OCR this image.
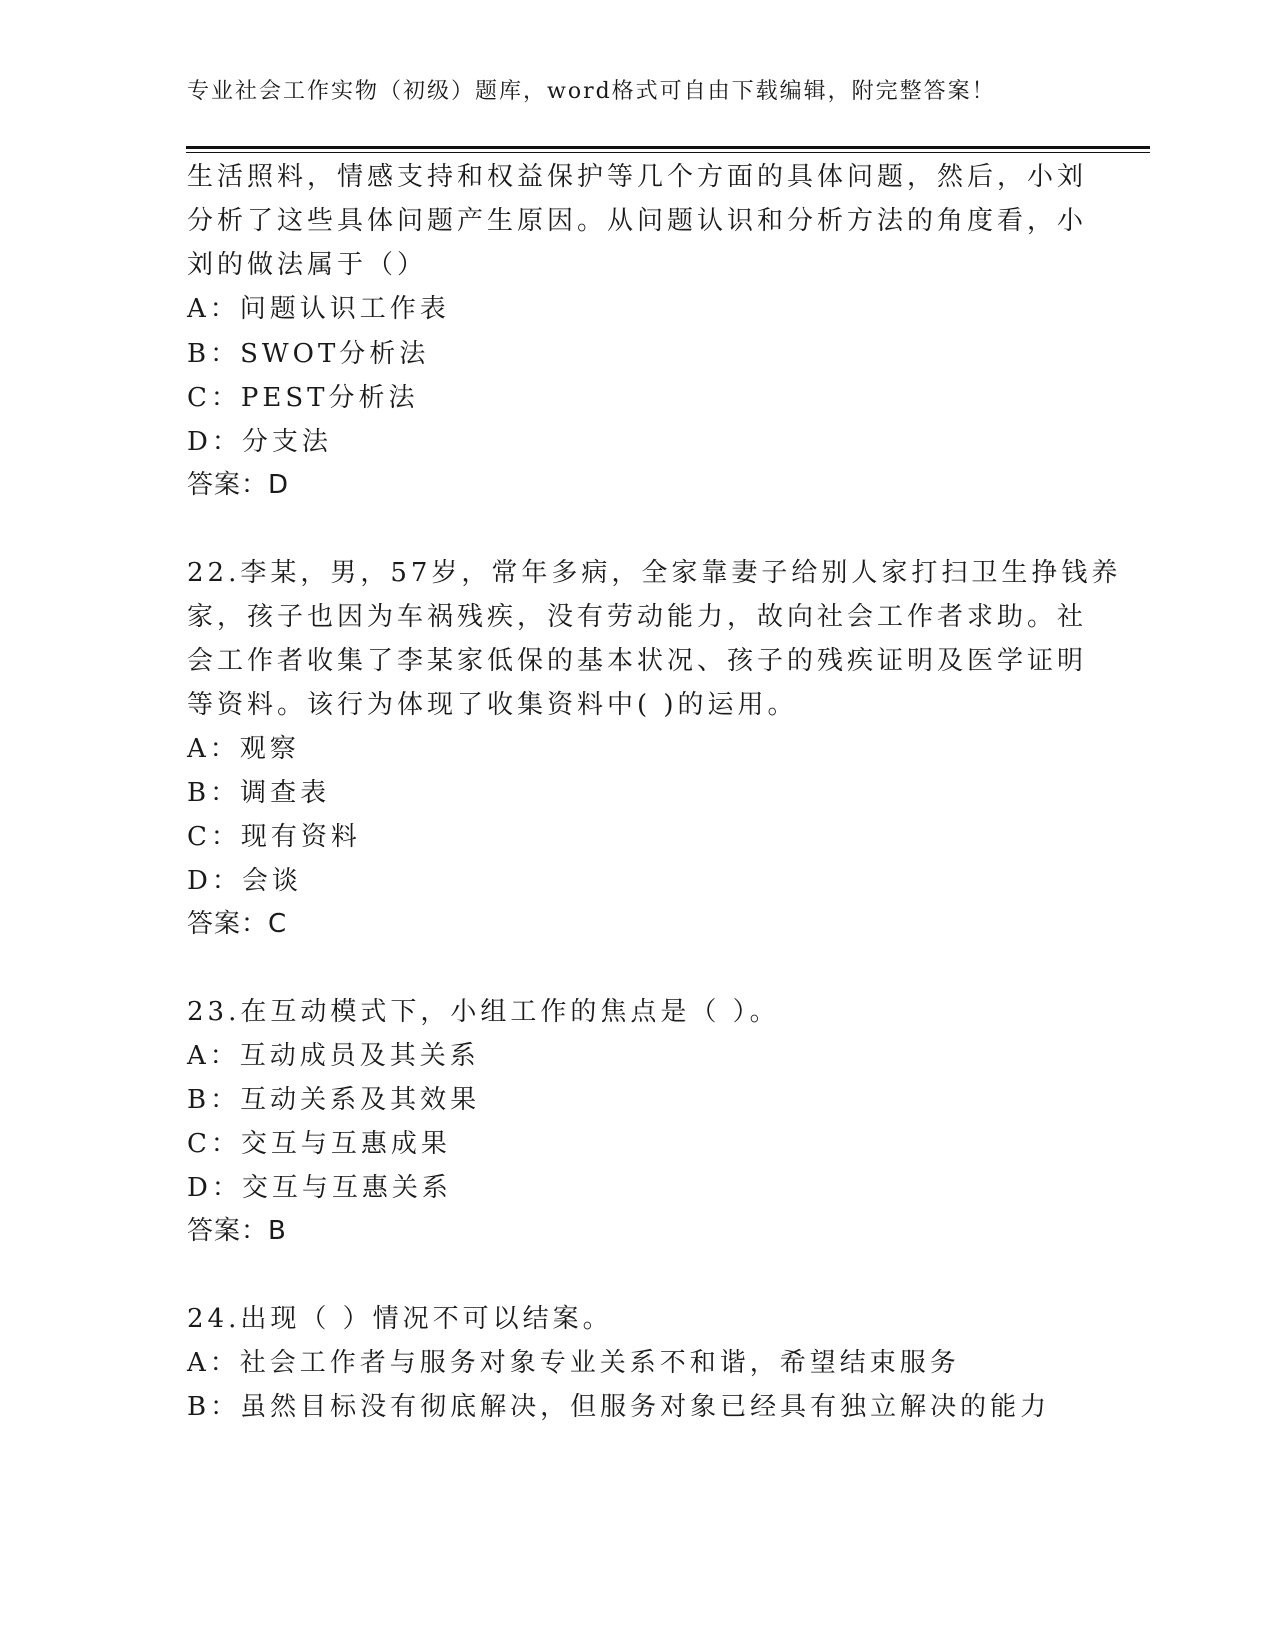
专业社会工作实物（初级）题库，word格式可自由下载编辑，附完整答案！
生活照料，情感支持和权益保护等几个方面的具体问题，然后，小刘
分析了这些具体问题产生原因。从问题认识和分析方法的角度看，小
刘的做法属于（）
A：问题认识工作表
B：SWOT分析法
C：PEST分析法
D：分支法
答案：D
22.李某，男，57岁，常年多病，全家靠妻子给别人家打扫卫生挣钱养
家，孩子也因为车祸残疾，没有劳动能力，故向社会工作者求助。社
会工作者收集了李某家低保的基本状况、孩子的残疾证明及医学证明
等资料。该行为体现了收集资料中( )的运用。
A：观察
B：调查表
C：现有资料
D：会谈
答案：C
23.在互动模式下，小组工作的焦点是（ ）。
A：互动成员及其关系
B：互动关系及其效果
C：交互与互惠成果
D：交互与互惠关系
答案：B
24.出现（ ）情况不可以结案。
A：社会工作者与服务对象专业关系不和谐，希望结束服务
B：虽然目标没有彻底解决，但服务对象已经具有独立解决的能力
